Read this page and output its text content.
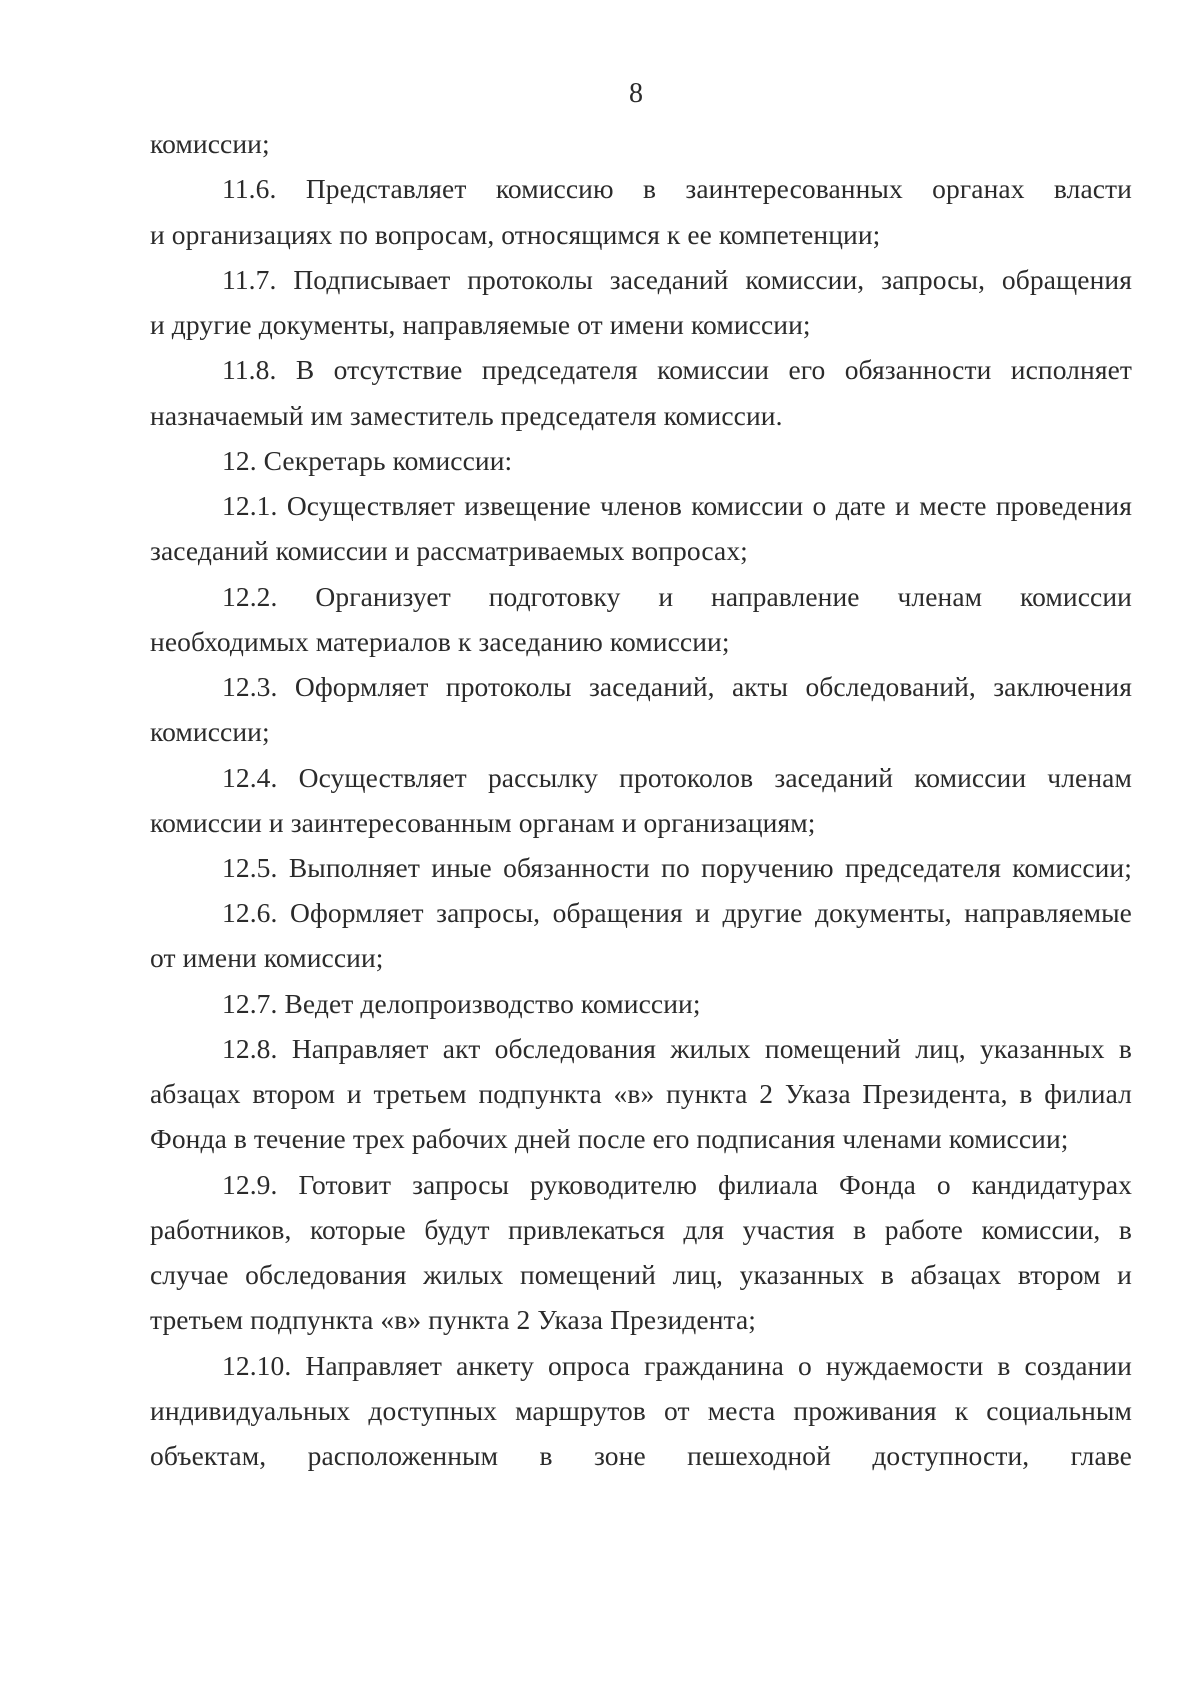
8
комиссии;
11.6. Представляет комиссию в заинтересованных органах власти
и организациях по вопросам, относящимся к ее компетенции;
11.7. Подписывает протоколы заседаний комиссии, запросы, обращения
и другие документы, направляемые от имени комиссии;
11.8. В отсутствие председателя комиссии его обязанности исполняет
назначаемый им заместитель председателя комиссии.
12. Секретарь комиссии:
12.1. Осуществляет извещение членов комиссии о дате и месте проведения
заседаний комиссии и рассматриваемых вопросах;
12.2. Организует подготовку и направление членам комиссии
необходимых материалов к заседанию комиссии;
12.3. Оформляет протоколы заседаний, акты обследований, заключения
комиссии;
12.4. Осуществляет рассылку протоколов заседаний комиссии членам
комиссии и заинтересованным органам и организациям;
12.5. Выполняет иные обязанности по поручению председателя комиссии;
12.6. Оформляет запросы, обращения и другие документы, направляемые
от имени комиссии;
12.7. Ведет делопроизводство комиссии;
12.8. Направляет акт обследования жилых помещений лиц, указанных в
абзацах втором и третьем подпункта «в» пункта 2 Указа Президента, в филиал
Фонда в течение трех рабочих дней после его подписания членами комиссии;
12.9. Готовит запросы руководителю филиала Фонда о кандидатурах
работников, которые будут привлекаться для участия в работе комиссии, в
случае обследования жилых помещений лиц, указанных в абзацах втором и
третьем подпункта «в» пункта 2 Указа Президента;
12.10. Направляет анкету опроса гражданина о нуждаемости в создании
индивидуальных доступных маршрутов от места проживания к социальным
объектам, расположенным в зоне пешеходной доступности, главе
